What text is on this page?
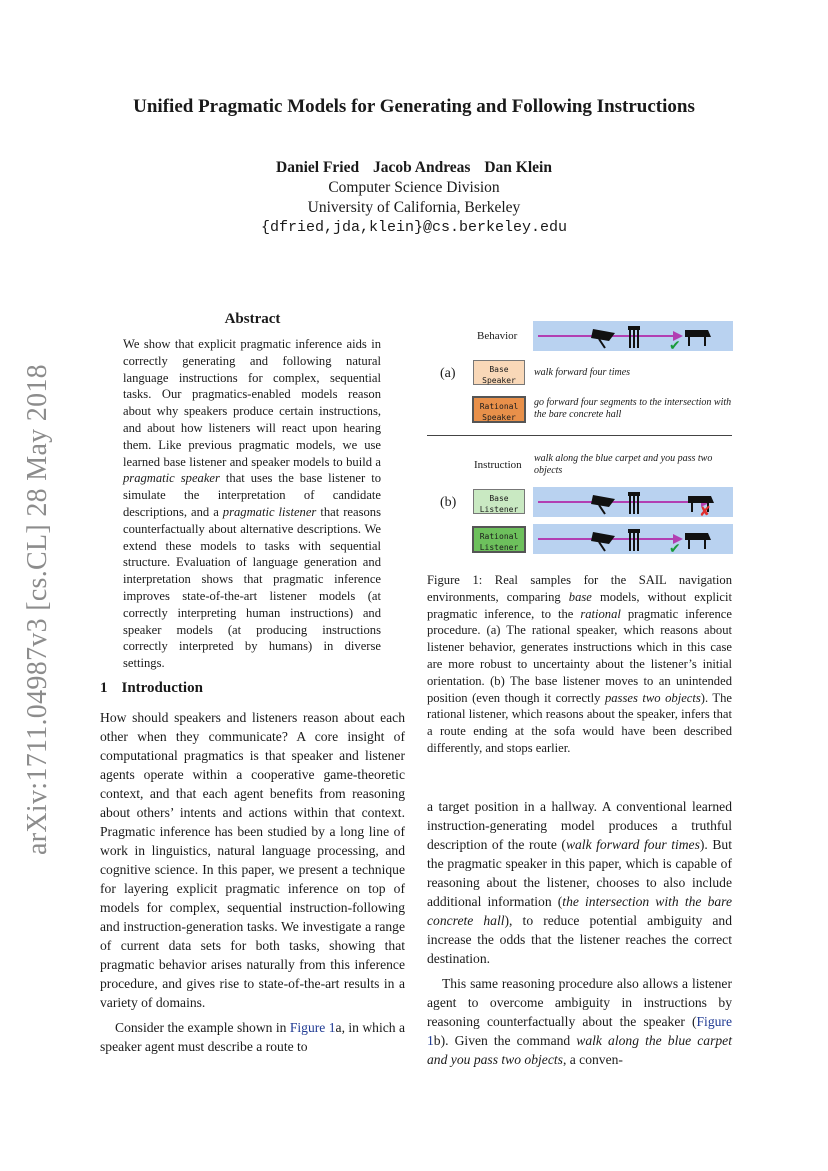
Unified Pragmatic Models for Generating and Following Instructions
Daniel Fried Jacob Andreas Dan Klein
Computer Science Division
University of California, Berkeley
{dfried,jda,klein}@cs.berkeley.edu
arXiv:1711.04987v3 [cs.CL] 28 May 2018
Abstract
We show that explicit pragmatic inference aids in correctly generating and following natural language instructions for complex, sequential tasks. Our pragmatics-enabled models reason about why speakers produce certain instructions, and about how listeners will react upon hearing them. Like previous pragmatic models, we use learned base listener and speaker models to build a pragmatic speaker that uses the base listener to simulate the interpretation of candidate descriptions, and a pragmatic listener that reasons counterfactually about alternative descriptions. We extend these models to tasks with sequential structure. Evaluation of language generation and interpretation shows that pragmatic inference improves state-of-the-art listener models (at correctly interpreting human instructions) and speaker models (at producing instructions correctly interpreted by humans) in diverse settings.
1 Introduction

How should speakers and listeners reason about each other when they communicate? A core insight of computational pragmatics is that speaker and listener agents operate within a cooperative game-theoretic context, and that each agent benefits from reasoning about others’ intents and actions within that context. Pragmatic inference has been studied by a long line of work in linguistics, natural language processing, and cognitive science. In this paper, we present a technique for layering explicit pragmatic inference on top of models for complex, sequential instruction-following and instruction-generation tasks. We investigate a range of current data sets for both tasks, showing that pragmatic behavior arises naturally from this inference procedure, and gives rise to state-of-the-art results in a variety of domains.

Consider the example shown in Figure 1a, in which a speaker agent must describe a route to

Behavior
✔
(a)	Base Speaker
walk forward four times
Rational Speaker
go forward four segments to the intersection with the bare concrete hall
Instruction
walk along the blue carpet and you pass two objects
(b)	Base Listener	✘
Rational Listener	✔
Figure 1: Real samples for the SAIL navigation environments, comparing base models, without explicit pragmatic inference, to the rational pragmatic inference procedure. (a) The rational speaker, which reasons about listener behavior, generates instructions which in this case are more robust to uncertainty about the listener’s initial orientation. (b) The base listener moves to an unintended position (even though it correctly passes two objects). The rational listener, which reasons about the speaker, infers that a route ending at the sofa would have been described differently, and stops earlier.

a target position in a hallway. A conventional learned instruction-generating model produces a truthful description of the route (walk forward four times). But the pragmatic speaker in this paper, which is capable of reasoning about the listener, chooses to also include additional information (the intersection with the bare concrete hall), to reduce potential ambiguity and increase the odds that the listener reaches the correct destination.

This same reasoning procedure also allows a listener agent to overcome ambiguity in instructions by reasoning counterfactually about the speaker (Figure 1b). Given the command walk along the blue carpet and you pass two objects, a conven-
